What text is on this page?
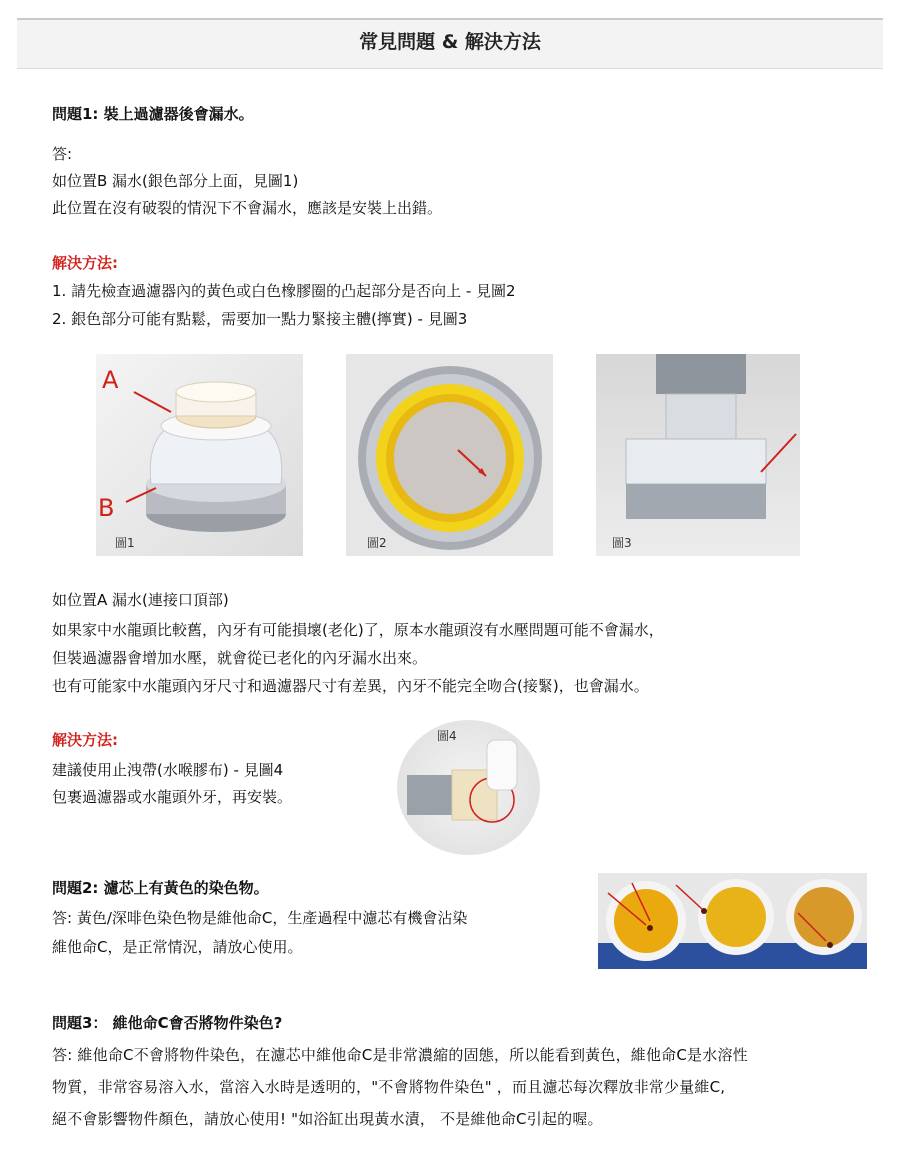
常見問題 & 解決方法
問題1: 裝上過濾器後會漏水。
答:
如位置B 漏水(銀色部分上面，見圖1)
此位置在沒有破裂的情況下不會漏水，應該是安裝上出錯。
解決方法:
1. 請先檢查過濾器內的黃色或白色橡膠圈的凸起部分是否向上 - 見圖2
2. 銀色部分可能有點鬆，需要加一點力緊接主體(擰實) - 見圖3
A
B
圖1	圖2	圖3
如位置A 漏水(連接口頂部)
如果家中水龍頭比較舊，內牙有可能損壞(老化)了，原本水龍頭沒有水壓問題可能不會漏水，
但裝過濾器會增加水壓，就會從已老化的內牙漏水出來。
也有可能家中水龍頭內牙尺寸和過濾器尺寸有差異，內牙不能完全吻合(接緊)，也會漏水。
解決方法:
建議使用止洩帶(水喉膠布) - 見圖4
包裹過濾器或水龍頭外牙，再安裝。
圖4
問題2: 濾芯上有黃色的染色物。
答: 黃色/深啡色染色物是維他命C，生產過程中濾芯有機會沾染
維他命C，是正常情況，請放心使用。
問題3： 維他命C會否將物件染色?
答: 維他命C不會將物件染色，在濾芯中維他命C是非常濃縮的固態，所以能看到黃色，維他命C是水溶性
物質，非常容易溶入水，當溶入水時是透明的，"不會將物件染色" ，而且濾芯每次釋放非常少量維C,
絕不會影響物件顏色，請放心使用! "如浴缸出現黃水漬， 不是維他命C引起的喔。
